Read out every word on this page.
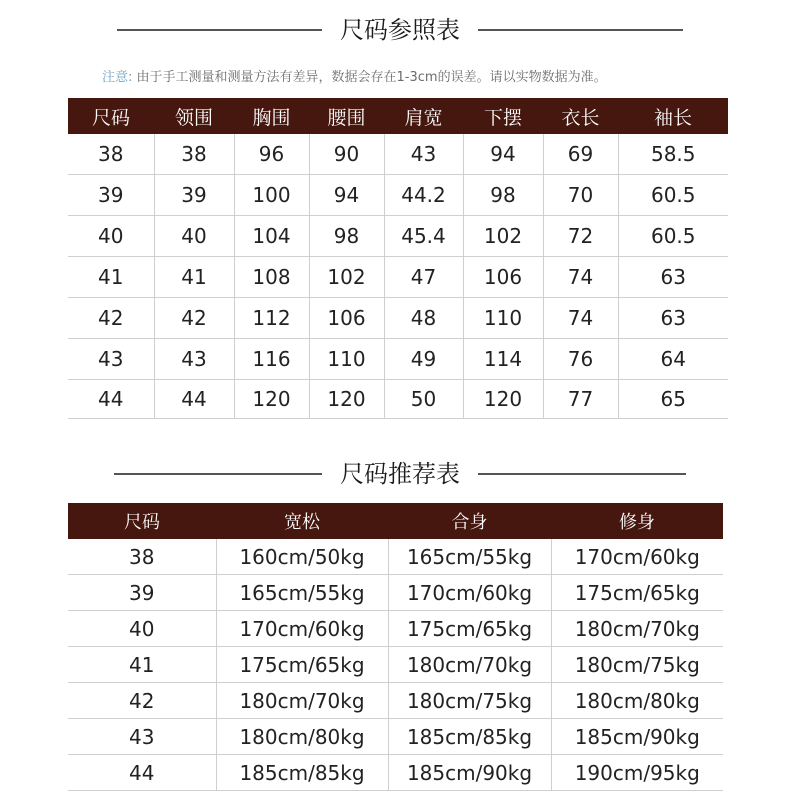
尺码参照表
注意: 由于手工测量和测量方法有差异，数据会存在1-3cm的误差。请以实物数据为准。
尺码	领围	胸围	腰围	肩宽	下摆	衣长	袖长
38	38	96	90	43	94	69	58.5
39	39	100	94	44.2	98	70	60.5
40	40	104	98	45.4	102	72	60.5
41	41	108	102	47	106	74	63
42	42	112	106	48	110	74	63
43	43	116	110	49	114	76	64
44	44	120	120	50	120	77	65
尺码推荐表
尺码	宽松	合身	修身
38	160cm/50kg	165cm/55kg	170cm/60kg
39	165cm/55kg	170cm/60kg	175cm/65kg
40	170cm/60kg	175cm/65kg	180cm/70kg
41	175cm/65kg	180cm/70kg	180cm/75kg
42	180cm/70kg	180cm/75kg	180cm/80kg
43	180cm/80kg	185cm/85kg	185cm/90kg
44	185cm/85kg	185cm/90kg	190cm/95kg
